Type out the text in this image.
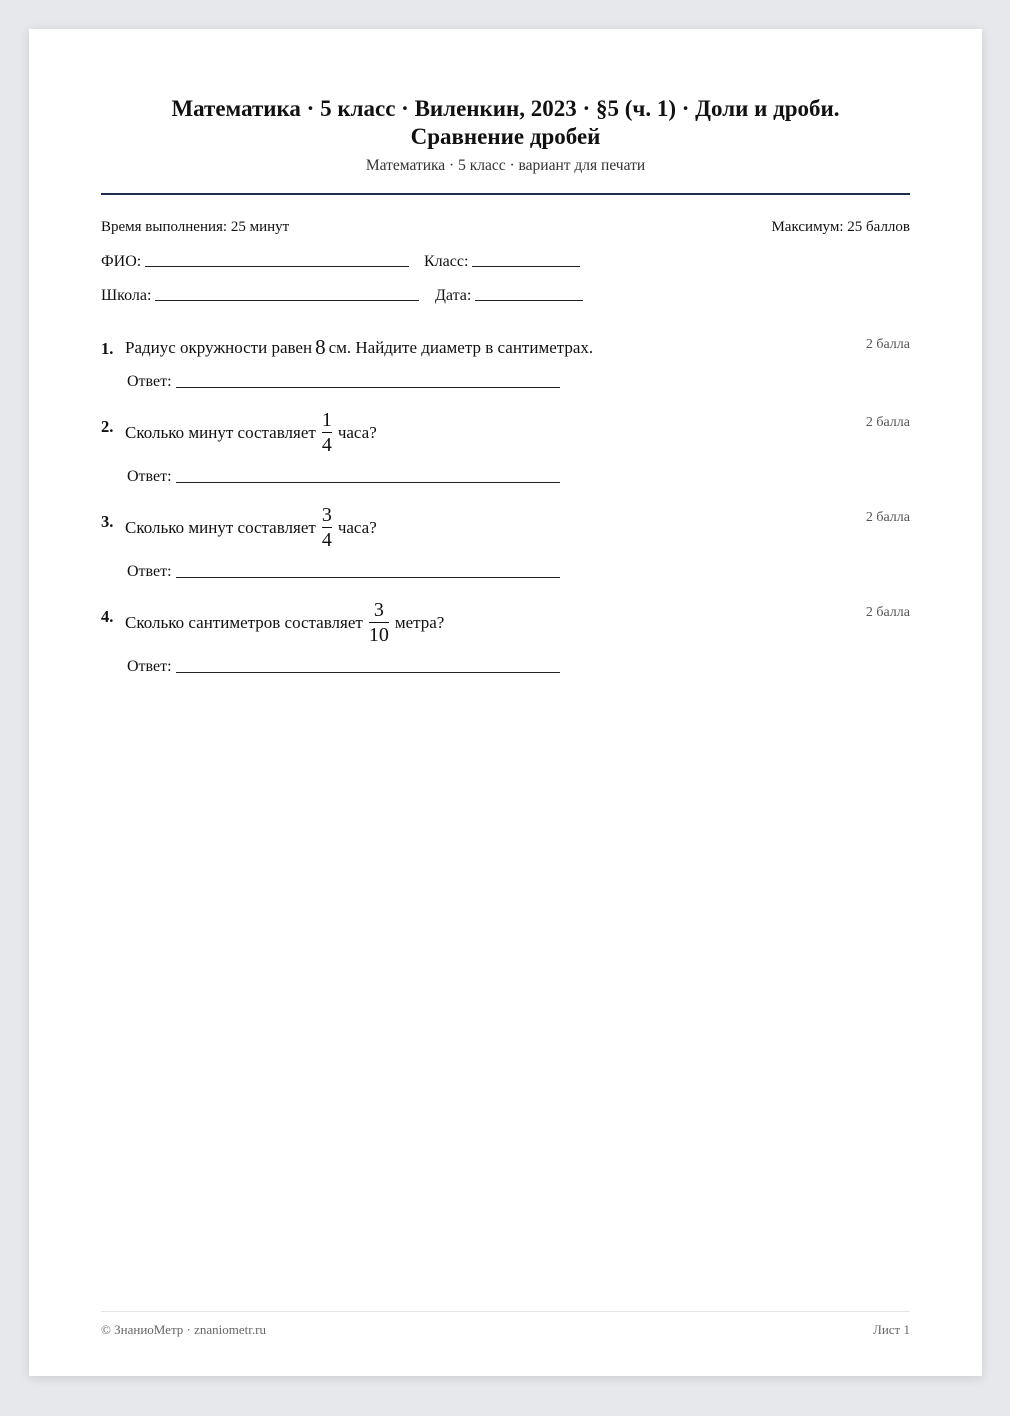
Математика · 5 класс · Виленкин, 2023 · §5 (ч. 1) · Доли и дроби.
Сравнение дробей
Математика · 5 класс · вариант для печати
Время выполнения: 25 минут	Максимум: 25 баллов
ФИО:	Класс:
Школа:	Дата:
1. Радиус окружности равен 8 см. Найдите диаметр в сантиметрах.	2 балла
Ответ:
2. Сколько минут составляет $\frac{1}{4}$ часа?	2 балла
Ответ:
3. Сколько минут составляет $\frac{3}{4}$ часа?	2 балла
Ответ:
4. Сколько сантиметров составляет $\frac{3}{10}$ метра?	2 балла
Ответ:
© ЗнаниоМетр · znaniometr.ru	Лист 1
